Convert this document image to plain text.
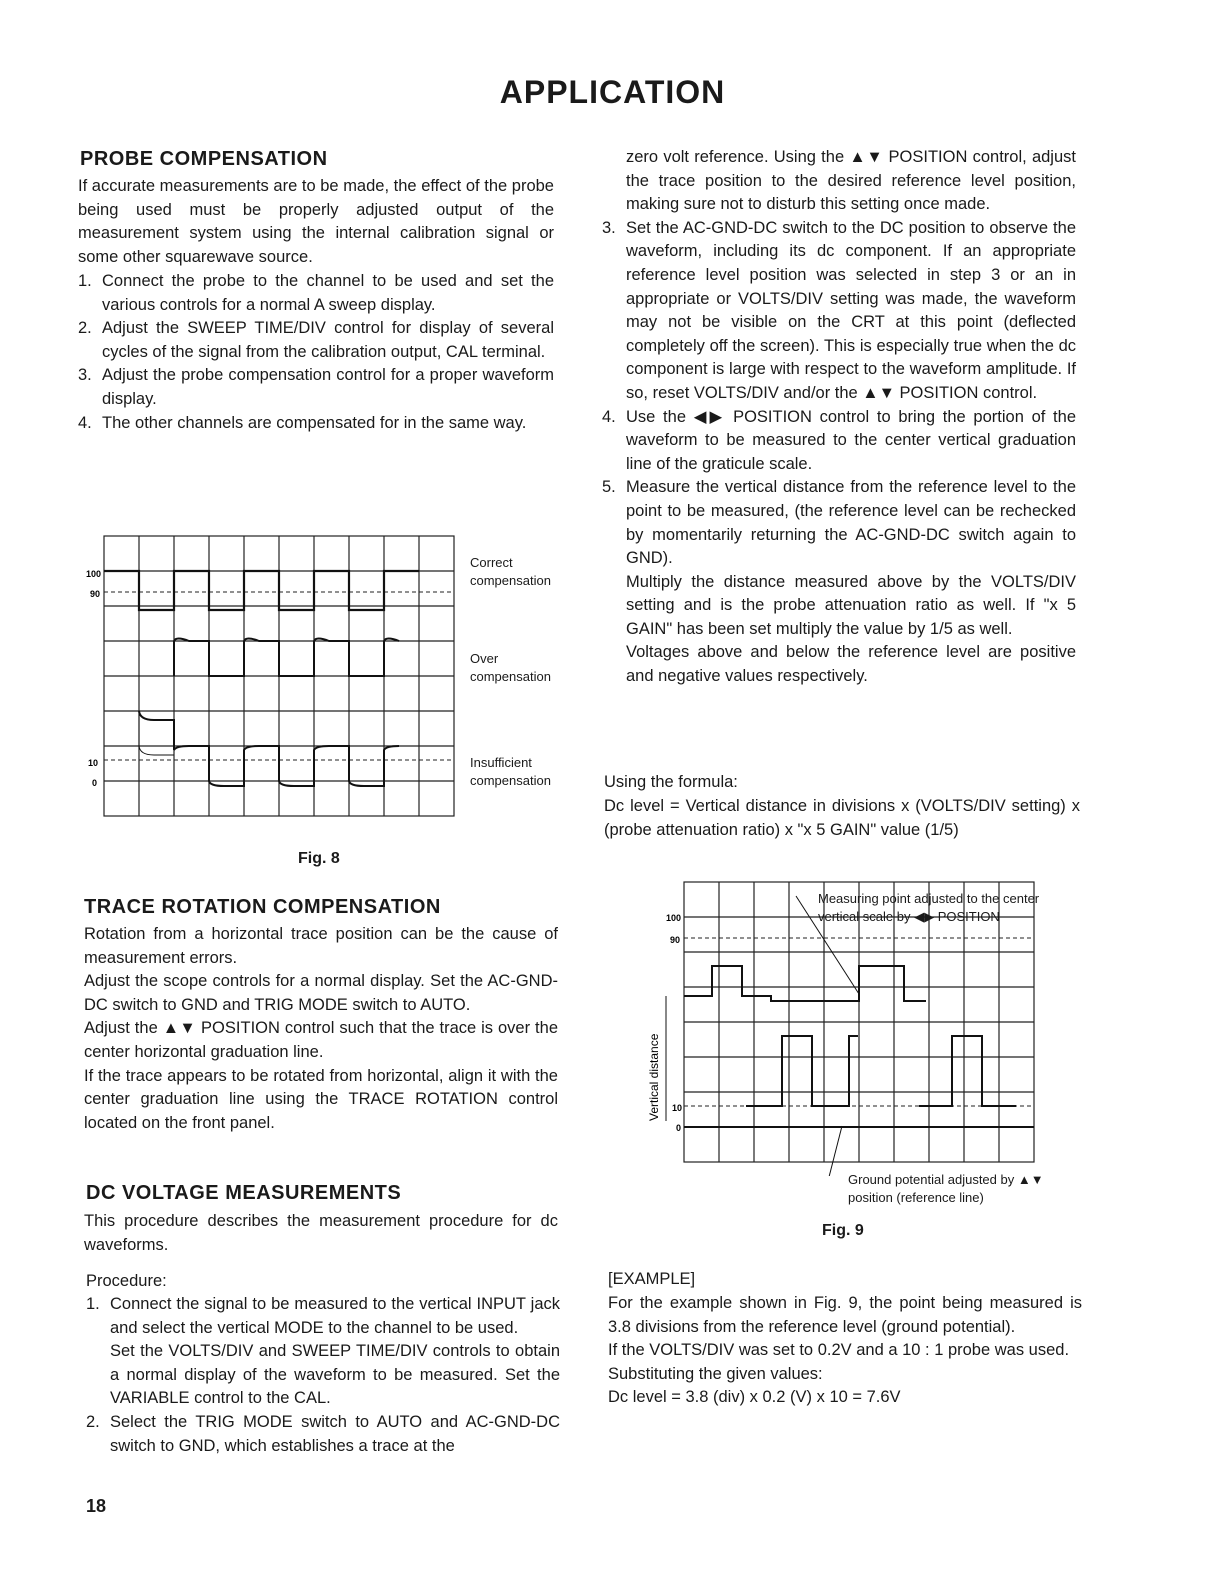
APPLICATION
PROBE COMPENSATION
If accurate measurements are to be made, the effect of the probe being used must be properly adjusted output of the measurement system using the internal calibration signal or some other squarewave source.
1. Connect the probe to the channel to be used and set the various controls for a normal A sweep display.
2. Adjust the SWEEP TIME/DIV control for display of several cycles of the signal from the calibration output, CAL terminal.
3. Adjust the probe compensation control for a proper waveform display.
4. The other channels are compensated for in the same way.
100
90
10
0
Correct compensation
Over compensation
Insufficient compensation
Fig. 8
TRACE ROTATION COMPENSATION
Rotation from a horizontal trace position can be the cause of measurement errors.
Adjust the scope controls for a normal display. Set the AC-GND-DC switch to GND and TRIG MODE switch to AUTO.
Adjust the ▲▼ POSITION control such that the trace is over the center horizontal graduation line.
If the trace appears to be rotated from horizontal, align it with the center graduation line using the TRACE ROTATION control located on the front panel.
DC VOLTAGE MEASUREMENTS
This procedure describes the measurement procedure for dc waveforms.
Procedure:
1. Connect the signal to be measured to the vertical INPUT jack and select the vertical MODE to the channel to be used.
Set the VOLTS/DIV and SWEEP TIME/DIV controls to obtain a normal display of the waveform to be measured. Set the VARIABLE control to the CAL.
2. Select the TRIG MODE switch to AUTO and AC-GND-DC switch to GND, which establishes a trace at the
18
zero volt reference. Using the ▲▼ POSITION control, adjust the trace position to the desired reference level position, making sure not to disturb this setting once made.
3. Set the AC-GND-DC switch to the DC position to observe the waveform, including its dc component. If an appropriate reference level position was selected in step 3 or an in appropriate or VOLTS/DIV setting was made, the waveform may not be visible on the CRT at this point (deflected completely off the screen). This is especially true when the dc component is large with respect to the waveform amplitude. If so, reset VOLTS/DIV and/or the ▲▼ POSITION control.
4. Use the ◀▶ POSITION control to bring the portion of the waveform to be measured to the center vertical graduation line of the graticule scale.
5. Measure the vertical distance from the reference level to the point to be measured, (the reference level can be rechecked by momentarily returning the AC-GND-DC switch again to GND).
Multiply the distance measured above by the VOLTS/DIV setting and is the probe attenuation ratio as well. If "x 5 GAIN" has been set multiply the value by 1/5 as well.
Voltages above and below the reference level are positive and negative values respectively.
Using the formula:
Dc level = Vertical distance in divisions x (VOLTS/DIV setting) x (probe attenuation ratio) x "x 5 GAIN" value (1/5)
100
90
10
0
Vertical distance
Measuring point adjusted to the center vertical scale by ◀▶ POSITION
Ground potential adjusted by ▲▼ position (reference line)
Fig. 9
[EXAMPLE]
For the example shown in Fig. 9, the point being measured is 3.8 divisions from the reference level (ground potential).
If the VOLTS/DIV was set to 0.2V and a 10 : 1 probe was used.
Substituting the given values:
Dc level = 3.8 (div) x 0.2 (V) x 10 = 7.6V
